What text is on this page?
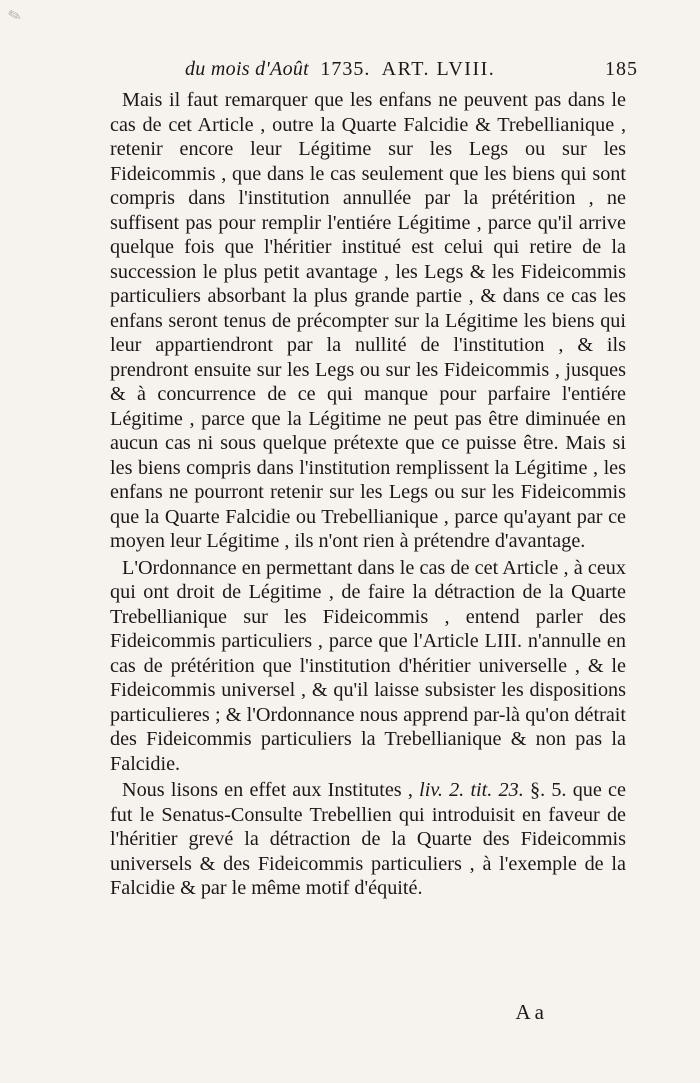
✎
du mois d'Août 1735. ART. LVIII.	185

Mais il faut remarquer que les enfans ne peuvent pas dans le cas de cet Article , outre la Quarte Falcidie & Trebellianique , retenir encore leur Légitime sur les Legs ou sur les Fideicommis , que dans le cas seulement que les biens qui sont compris dans l'institution annullée par la prétérition , ne suffisent pas pour remplir l'entiére Légitime , parce qu'il arrive quelque fois que l'héritier institué est celui qui retire de la succession le plus petit avantage , les Legs & les Fideicommis particuliers absorbant la plus grande partie , & dans ce cas les enfans seront tenus de précompter sur la Légitime les biens qui leur appartiendront par la nullité de l'institution , & ils prendront ensuite sur les Legs ou sur les Fideicommis , jusques & à concurrence de ce qui manque pour parfaire l'entiére Légitime , parce que la Légitime ne peut pas être diminuée en aucun cas ni sous quelque prétexte que ce puisse être. Mais si les biens compris dans l'institution remplissent la Légitime , les enfans ne pourront retenir sur les Legs ou sur les Fideicommis que la Quarte Falcidie ou Trebellianique , parce qu'ayant par ce moyen leur Légitime , ils n'ont rien à prétendre d'avantage.

L'Ordonnance en permettant dans le cas de cet Article , à ceux qui ont droit de Légitime , de faire la détraction de la Quarte Trebellianique sur les Fideicommis , entend parler des Fideicommis particuliers , parce que l'Article LIII. n'annulle en cas de prétérition que l'institution d'héritier universelle , & le Fideicommis universel , & qu'il laisse subsister les dispositions particulieres ; & l'Ordonnance nous apprend par-là qu'on détrait des Fideicommis particuliers la Trebellianique & non pas la Falcidie.

Nous lisons en effet aux Institutes , liv. 2. tit. 23. §. 5. que ce fut le Senatus-Consulte Trebellien qui introduisit en faveur de l'héritier grevé la détraction de la Quarte des Fideicommis universels & des Fideicommis particuliers , à l'exemple de la Falcidie & par le même motif d'équité.

Aa
